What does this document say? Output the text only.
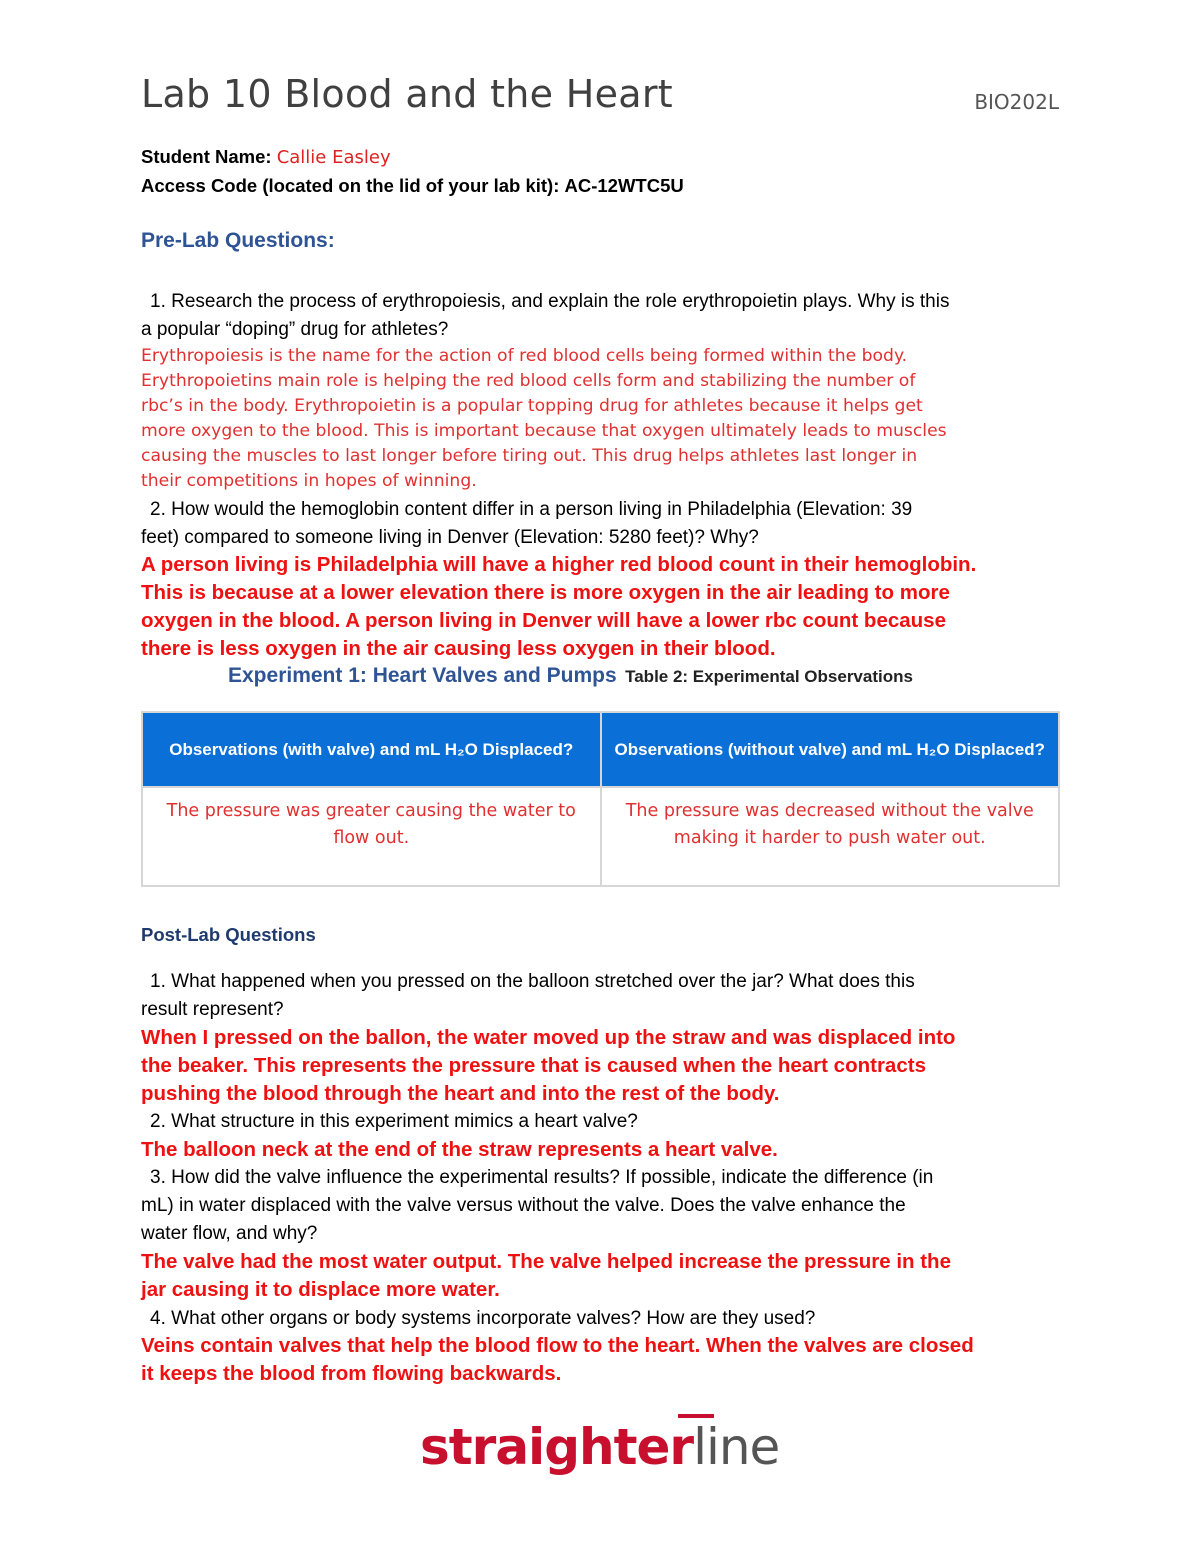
Lab 10 Blood and the Heart	BIO202L
Student Name: Callie Easley
Access Code (located on the lid of your lab kit): AC-12WTC5U
Pre-Lab Questions:
1. Research the process of erythropoiesis, and explain the role erythropoietin plays. Why is this
a popular “doping” drug for athletes?
Erythropoiesis is the name for the action of red blood cells being formed within the body.
Erythropoietins main role is helping the red blood cells form and stabilizing the number of
rbc’s in the body. Erythropoietin is a popular topping drug for athletes because it helps get
more oxygen to the blood. This is important because that oxygen ultimately leads to muscles
causing the muscles to last longer before tiring out. This drug helps athletes last longer in
their competitions in hopes of winning.
2. How would the hemoglobin content differ in a person living in Philadelphia (Elevation: 39
feet) compared to someone living in Denver (Elevation: 5280 feet)? Why?
A person living is Philadelphia will have a higher red blood count in their hemoglobin.
This is because at a lower elevation there is more oxygen in the air leading to more
oxygen in the blood. A person living in Denver will have a lower rbc count because
there is less oxygen in the air causing less oxygen in their blood.
Experiment 1: Heart Valves and Pumps Table 2: Experimental Observations
Observations (with valve) and mL H₂O Displaced?	Observations (without valve) and mL H₂O Displaced?
The pressure was greater causing the water to flow out.	The pressure was decreased without the valve making it harder to push water out.
Post-Lab Questions
1. What happened when you pressed on the balloon stretched over the jar? What does this
result represent?
When I pressed on the ballon, the water moved up the straw and was displaced into
the beaker. This represents the pressure that is caused when the heart contracts
pushing the blood through the heart and into the rest of the body.
2. What structure in this experiment mimics a heart valve?
The balloon neck at the end of the straw represents a heart valve.
3. How did the valve influence the experimental results? If possible, indicate the difference (in
mL) in water displaced with the valve versus without the valve. Does the valve enhance the
water flow, and why?
The valve had the most water output. The valve helped increase the pressure in the
jar causing it to displace more water.
4. What other organs or body systems incorporate valves? How are they used?
Veins contain valves that help the blood flow to the heart. When the valves are closed
it keeps the blood from flowing backwards.
straighterline
